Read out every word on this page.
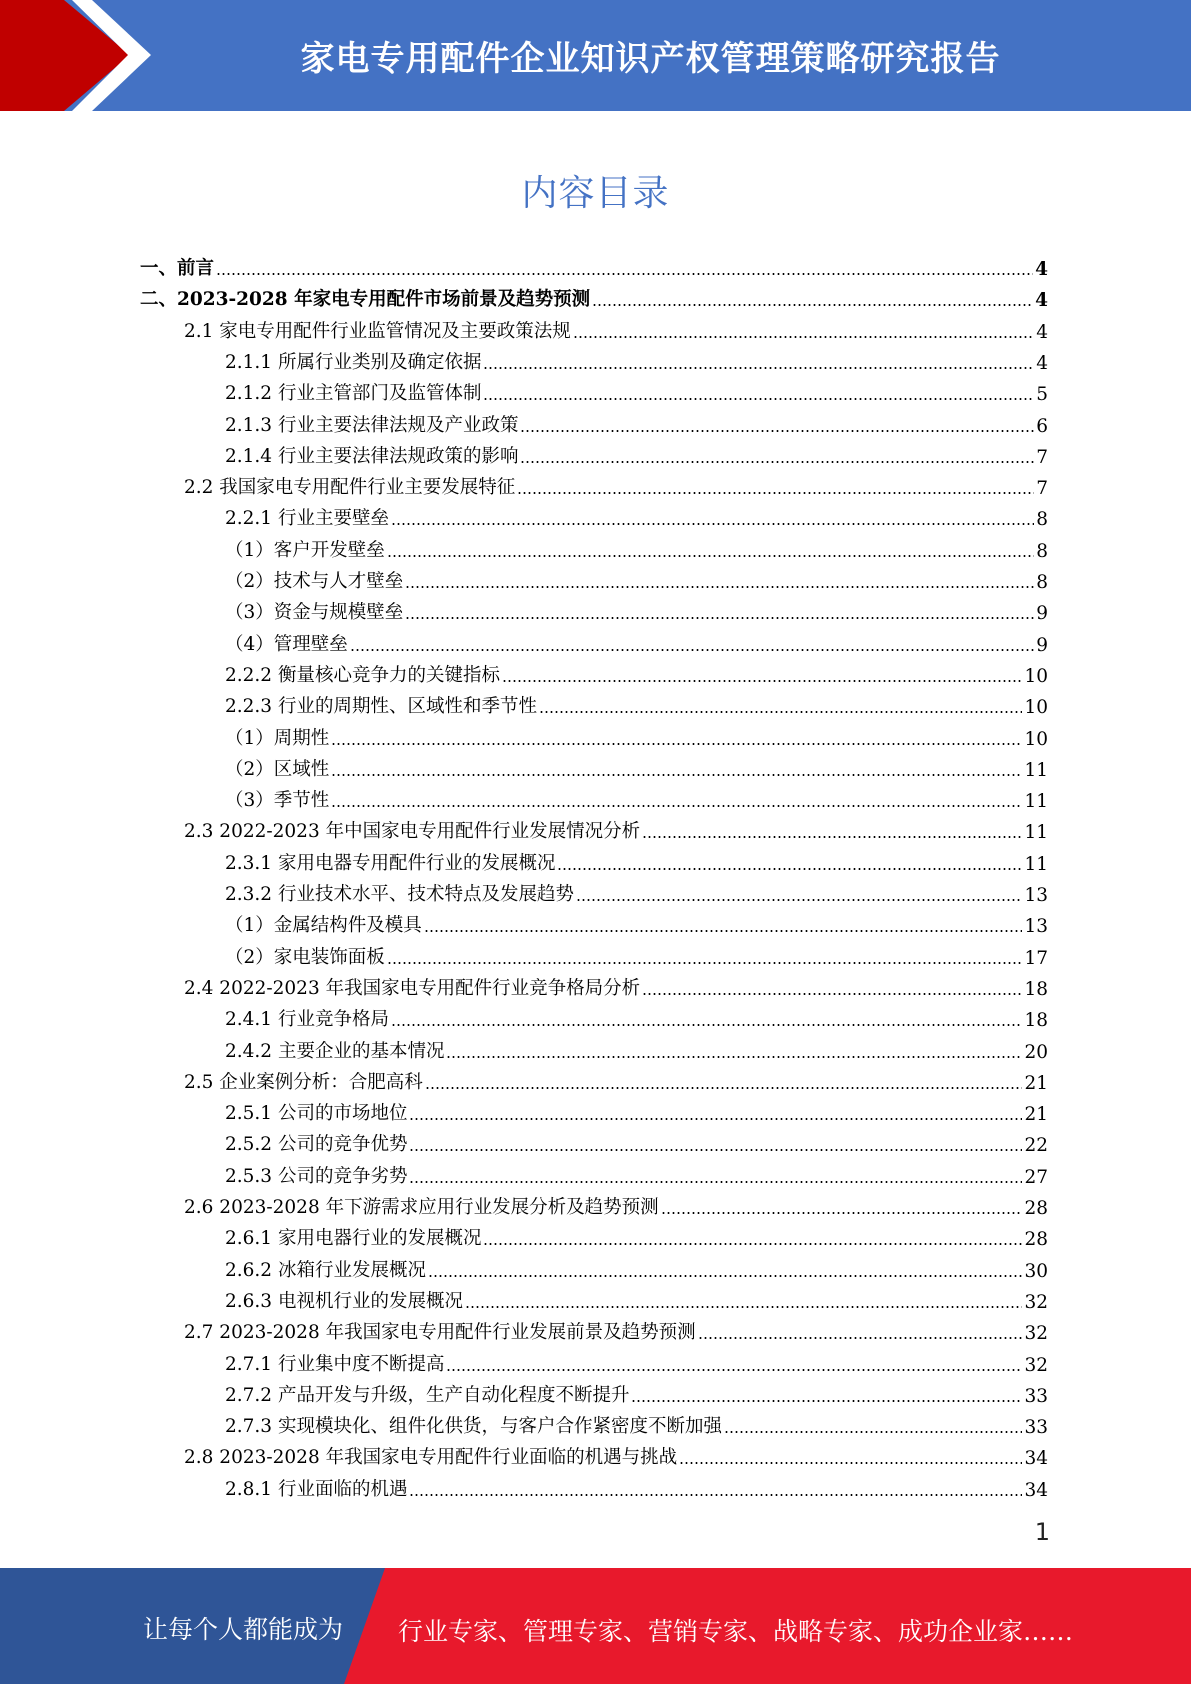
家电专用配件企业知识产权管理策略研究报告
内容目录
一、前言	4
二、2023-2028 年家电专用配件市场前景及趋势预测	4
2.1 家电专用配件行业监管情况及主要政策法规	4
2.1.1 所属行业类别及确定依据	4
2.1.2 行业主管部门及监管体制	5
2.1.3 行业主要法律法规及产业政策	6
2.1.4 行业主要法律法规政策的影响	7
2.2 我国家电专用配件行业主要发展特征	7
2.2.1 行业主要壁垒	8
（1）客户开发壁垒	8
（2）技术与人才壁垒	8
（3）资金与规模壁垒	9
（4）管理壁垒	9
2.2.2 衡量核心竞争力的关键指标	10
2.2.3 行业的周期性、区域性和季节性	10
（1）周期性	10
（2）区域性	11
（3）季节性	11
2.3 2022-2023 年中国家电专用配件行业发展情况分析	11
2.3.1 家用电器专用配件行业的发展概况	11
2.3.2 行业技术水平、技术特点及发展趋势	13
（1）金属结构件及模具	13
（2）家电装饰面板	17
2.4 2022-2023 年我国家电专用配件行业竞争格局分析	18
2.4.1 行业竞争格局	18
2.4.2 主要企业的基本情况	20
2.5 企业案例分析：合肥高科	21
2.5.1 公司的市场地位	21
2.5.2 公司的竞争优势	22
2.5.3 公司的竞争劣势	27
2.6 2023-2028 年下游需求应用行业发展分析及趋势预测	28
2.6.1 家用电器行业的发展概况	28
2.6.2 冰箱行业发展概况	30
2.6.3 电视机行业的发展概况	32
2.7 2023-2028 年我国家电专用配件行业发展前景及趋势预测	32
2.7.1 行业集中度不断提高	32
2.7.2 产品开发与升级，生产自动化程度不断提升	33
2.7.3 实现模块化、组件化供货，与客户合作紧密度不断加强	33
2.8 2023-2028 年我国家电专用配件行业面临的机遇与挑战	34
2.8.1 行业面临的机遇	34
1
让每个人都能成为 行业专家、管理专家、营销专家、战略专家、成功企业家……
